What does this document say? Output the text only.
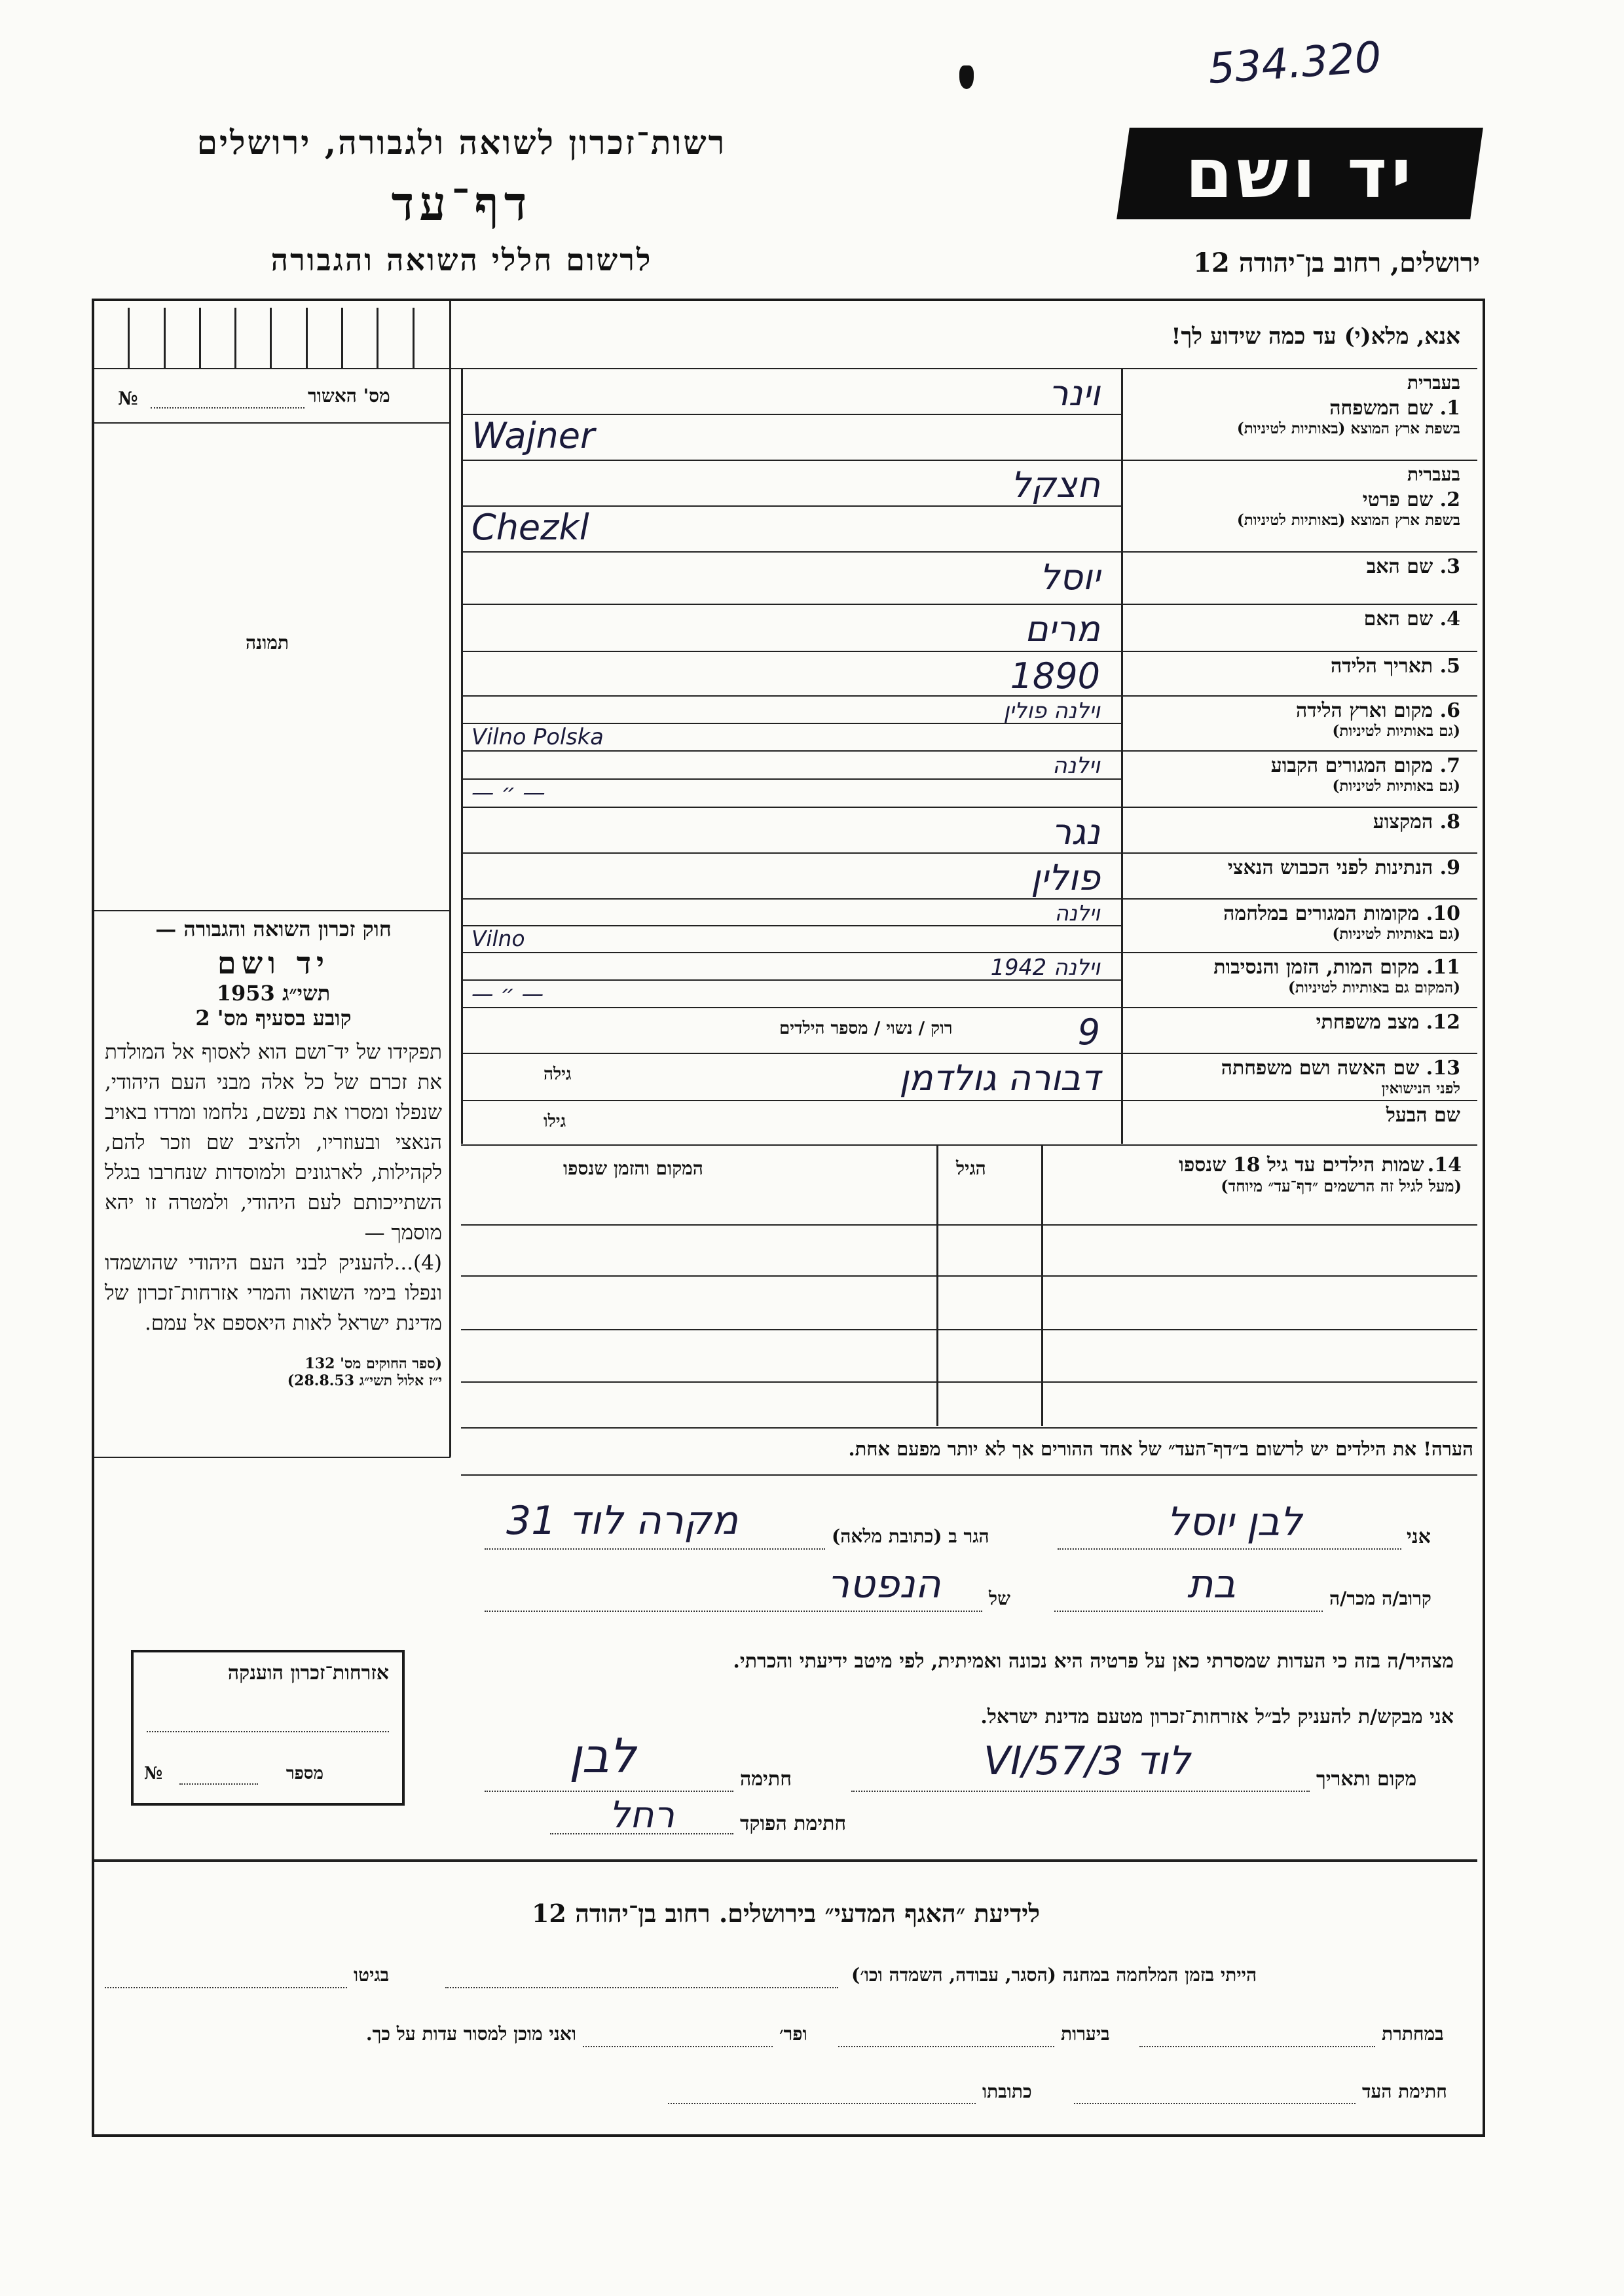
534.320
רשות־זכרון לשואה ולגבורה, ירושלים
דף־עד
לרשום חללי השואה והגבורה
יד ושם
ירושלים, רחוב בן־יהודה 12
מס' האשור
№
תמונה
אנא, מלא(י) עד כמה שידוע לך!
חוק זכרון השואה והגבורה —
יד ושם
תשי״ג 1953
קובע בסעיף מס' 2
תפקידו של יד־ושם הוא לאסוף אל המולדת את זכרם של כל אלה מבני העם היהודי, שנפלו ומסרו את נפשם, נלחמו ומרדו באויב הנאצי ובעוזריו, ולהציב שם וזכר להם, לקהילות, לארגונים ולמוסדות שנחרבו בגלל השתייכותם לעם היהודי, ולמטרה זו יהא מוסמך —
(4)...להעניק לבני העם היהודי שהושמדו ונפלו בימי השואה והמרי אזרחות־זכרון של מדינת ישראל לאות היאספם אל עמם.
(ספר החוקים מס' 132
י״ז אלול תשי״ג 28.8.53)
בעברית
1. שם המשפחה
בשפת ארץ המוצא (באותיות לטיניות)
וינר
Wajner
בעברית
2. שם פרטי
בשפת ארץ המוצא (באותיות לטיניות)
חצקל
Chezkl
3. שם האב
יוסל
4. שם האם
מרים
5. תאריך הלידה
1890
6. מקום וארץ הלידה
(גם באותיות לטיניות)
וילנה פולין
Vilno Polska
7. מקום המגורים הקבוע
(גם באותיות לטיניות)
וילנה
— ״ —
8. המקצוע
נגר
9. הנתינות לפני הכבוש הנאצי
פולין
10. מקומות המגורים במלחמה
(גם באותיות לטיניות)
וילנה
Vilno
11. מקום המות, הזמן והנסיבות
(המקום גם באותיות לטיניות)
וילנה 1942
— ״ —
12. מצב משפחתי
9
רוק / נשוי / מספר הילדים
13. שם האשה ושם משפחתה
לפני הנישואין
דבורה גולדמן
גילה
שם הבעל
גילו
14. שמות הילדים עד גיל 18 שנספו
(מעל לגיל זה הרשמים ״דף־עד״ מיוחד)
הגיל
המקום והזמן שנספו
הערה! את הילדים יש לרשום ב״דף־העד״ של אחד ההורים אך לא יותר מפעם אחת.
אני
לבן יוסל
הגר ב (כתובת מלאה)
מקרה לוד 31
קרוב/ה מכר/ה
בת
של
הנפטר
מצהיר/ה בזה כי העדות שמסרתי כאן על פרטיה היא נכונה ואמיתית, לפי מיטב ידיעתי והכרתי.
אני מבקש/ת להעניק לב״ל אזרחות־זכרון מטעם מדינת ישראל.
מקום ותאריך
לוד 3/VI/57
חתימה
לבן
חתימת הפוקד
רחל
אזרחות־זכרון הוענקה
מספר
№
לידיעת ״האגף המדעי״ בירושלים. רחוב בן־יהודה 12
הייתי בזמן המלחמה במחנה (הסגר, עבודה, השמדה וכו׳)
בגיטו
במחתרת
ביערות
ופר׳
ואני מוכן למסור עדות על כך.
חתימת העד
כתובתו
